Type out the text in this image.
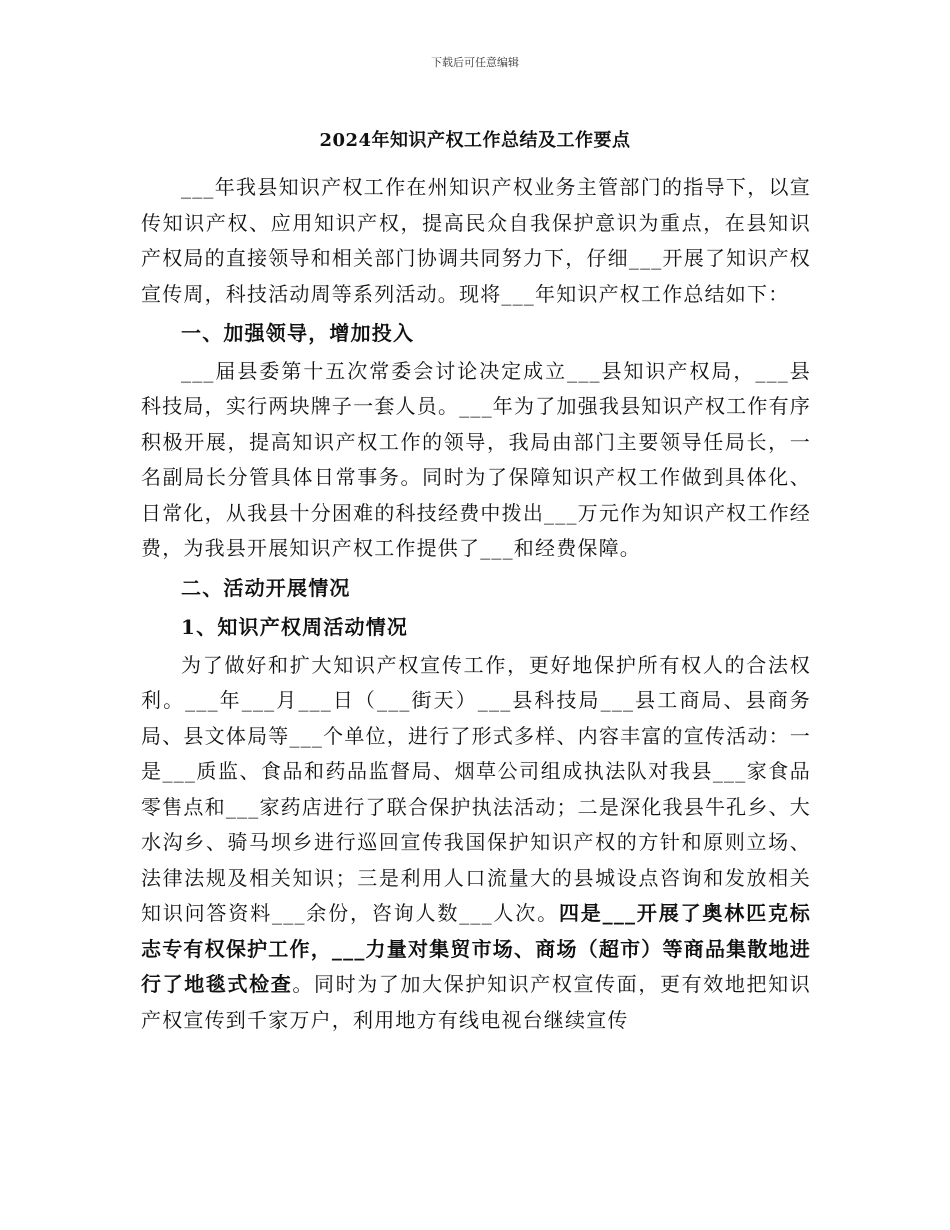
下载后可任意编辑
2024年知识产权工作总结及工作要点

___年我县知识产权工作在州知识产权业务主管部门的指导下，以宣传知识产权、应用知识产权，提高民众自我保护意识为重点，在县知识产权局的直接领导和相关部门协调共同努力下，仔细___开展了知识产权宣传周，科技活动周等系列活动。现将___年知识产权工作总结如下：

一、加强领导，增加投入

___届县委第十五次常委会讨论决定成立___县知识产权局，___县科技局，实行两块牌子一套人员。___年为了加强我县知识产权工作有序积极开展，提高知识产权工作的领导，我局由部门主要领导任局长，一名副局长分管具体日常事务。同时为了保障知识产权工作做到具体化、日常化，从我县十分困难的科技经费中拨出___万元作为知识产权工作经费，为我县开展知识产权工作提供了___和经费保障。

二、活动开展情况

1、知识产权周活动情况

为了做好和扩大知识产权宣传工作，更好地保护所有权人的合法权利。___年___月___日（___街天）___县科技局___县工商局、县商务局、县文体局等___个单位，进行了形式多样、内容丰富的宣传活动：一是___质监、食品和药品监督局、烟草公司组成执法队对我县___家食品零售点和___家药店进行了联合保护执法活动；二是深化我县牛孔乡、大水沟乡、骑马坝乡进行巡回宣传我国保护知识产权的方针和原则立场、法律法规及相关知识；三是利用人口流量大的县城设点咨询和发放相关知识问答资料___余份，咨询人数___人次。四是___开展了奥林匹克标志专有权保护工作，___力量对集贸市场、商场（超市）等商品集散地进行了地毯式检查。同时为了加大保护知识产权宣传面，更有效地把知识产权宣传到千家万户，利用地方有线电视台继续宣传
